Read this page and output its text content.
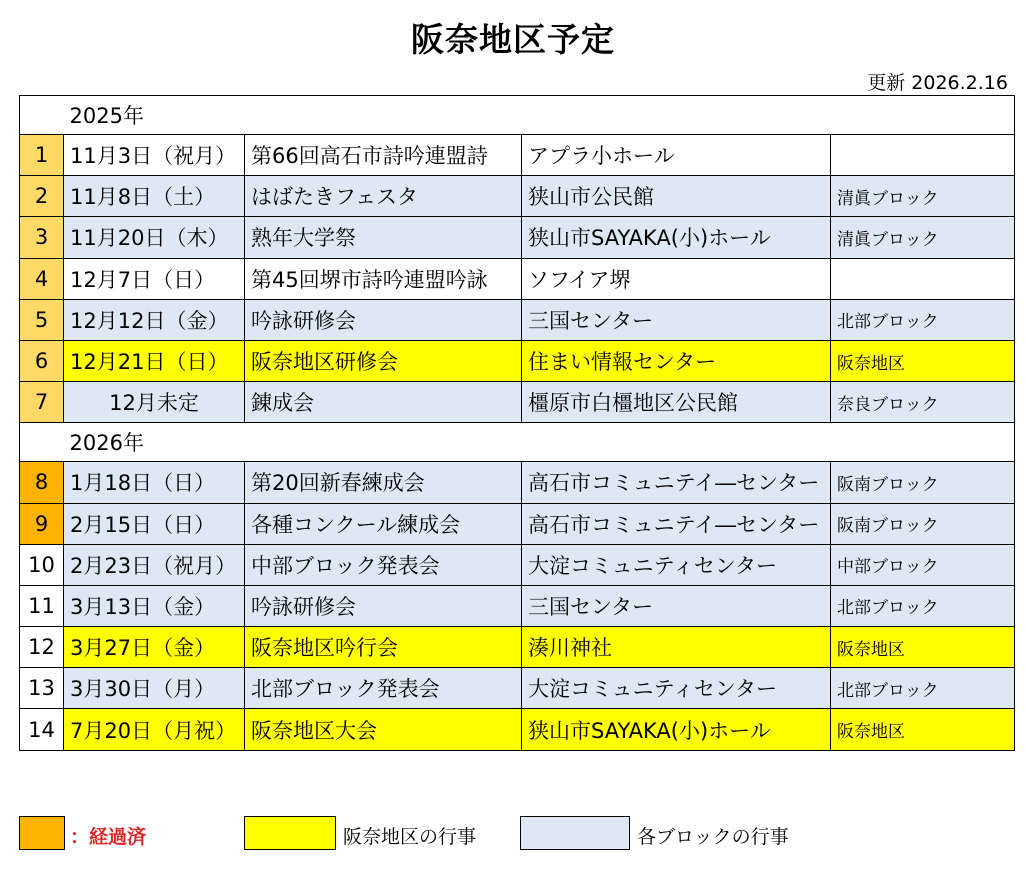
阪奈地区予定
更新 2026.2.16
	2025年			
1	11月3日（祝月）	第66回高石市詩吟連盟詩	アプラ小ホール	
2	11月8日（土）	はばたきフェスタ	狭山市公民館	清眞ブロック
3	11月20日（木）	熟年大学祭	狭山市SAYAKA(小)ホール	清眞ブロック
4	12月7日（日）	第45回堺市詩吟連盟吟詠	ソフイア堺	
5	12月12日（金）	吟詠研修会	三国センター	北部ブロック
6	12月21日（日）	阪奈地区研修会	住まい情報センター	阪奈地区
7	12月未定	錬成会	橿原市白橿地区公民館	奈良ブロック
	2026年			
8	1月18日（日）	第20回新春練成会	高石市コミュニテイ―センター	阪南ブロック
9	2月15日（日）	各種コンクール練成会	高石市コミュニテイ―センター	阪南ブロック
10	2月23日（祝月）	中部ブロック発表会	大淀コミュニティセンター	中部ブロック
11	3月13日（金）	吟詠研修会	三国センター	北部ブロック
12	3月27日（金）	阪奈地区吟行会	湊川神社	阪奈地区
13	3月30日（月）	北部ブロック発表会	大淀コミュニティセンター	北部ブロック
14	7月20日（月祝）	阪奈地区大会	狭山市SAYAKA(小)ホール	阪奈地区
：経過済	阪奈地区の行事	各ブロックの行事
